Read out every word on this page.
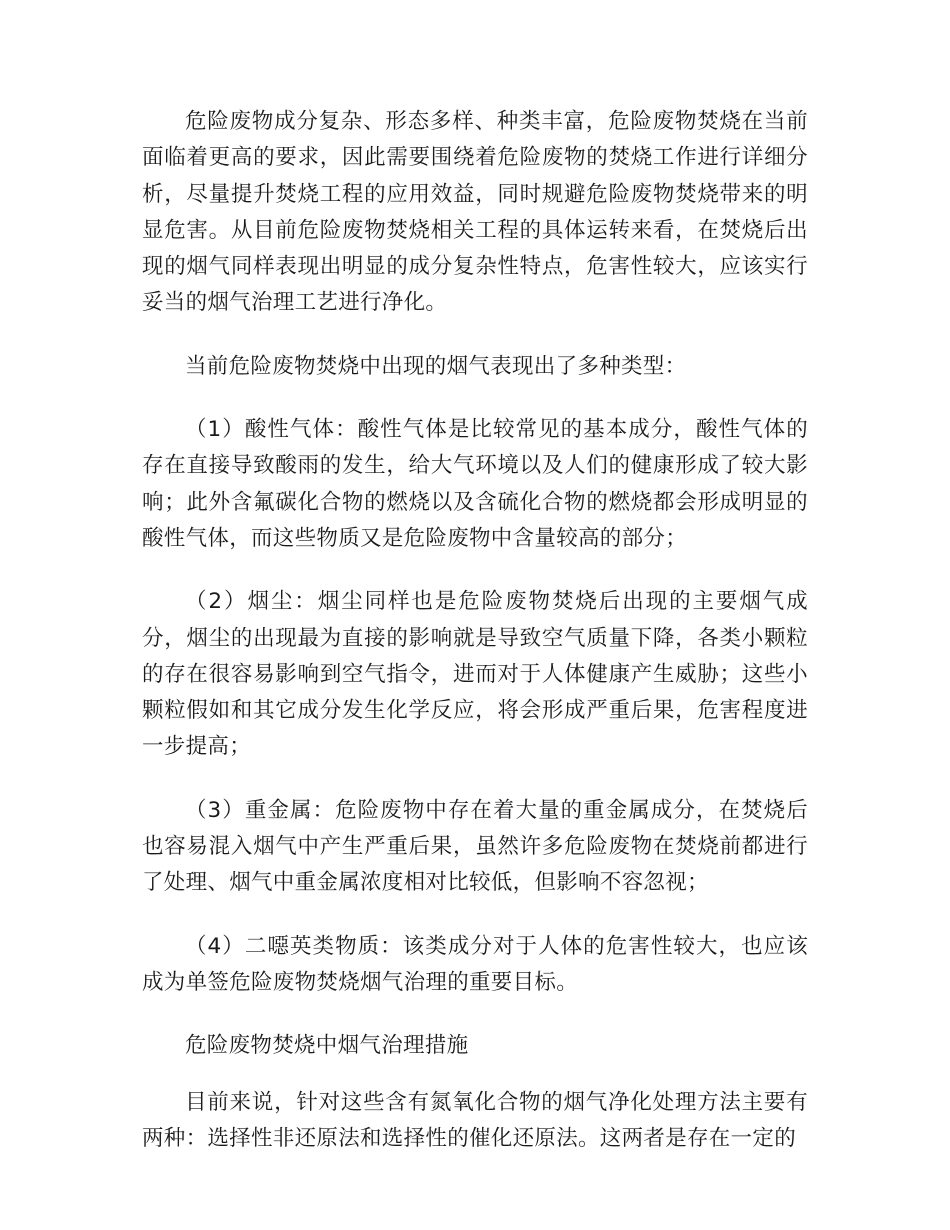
危险废物成分复杂、形态多样、种类丰富，危险废物焚烧在当前面临着更高的要求，因此需要围绕着危险废物的焚烧工作进行详细分析，尽量提升焚烧工程的应用效益，同时规避危险废物焚烧带来的明显危害。从目前危险废物焚烧相关工程的具体运转来看，在焚烧后出现的烟气同样表现出明显的成分复杂性特点，危害性较大，应该实行妥当的烟气治理工艺进行净化。

当前危险废物焚烧中出现的烟气表现出了多种类型：

（1）酸性气体：酸性气体是比较常见的基本成分，酸性气体的存在直接导致酸雨的发生，给大气环境以及人们的健康形成了较大影响；此外含氟碳化合物的燃烧以及含硫化合物的燃烧都会形成明显的酸性气体，而这些物质又是危险废物中含量较高的部分；

（2）烟尘：烟尘同样也是危险废物焚烧后出现的主要烟气成分，烟尘的出现最为直接的影响就是导致空气质量下降，各类小颗粒的存在很容易影响到空气指令，进而对于人体健康产生威胁；这些小颗粒假如和其它成分发生化学反应，将会形成严重后果，危害程度进一步提高；

（3）重金属：危险废物中存在着大量的重金属成分，在焚烧后也容易混入烟气中产生严重后果，虽然许多危险废物在焚烧前都进行了处理、烟气中重金属浓度相对比较低，但影响不容忽视；

（4）二噁英类物质：该类成分对于人体的危害性较大，也应该成为单签危险废物焚烧烟气治理的重要目标。

危险废物焚烧中烟气治理措施

目前来说，针对这些含有氮氧化合物的烟气净化处理方法主要有两种：选择性非还原法和选择性的催化还原法。这两者是存在一定的
